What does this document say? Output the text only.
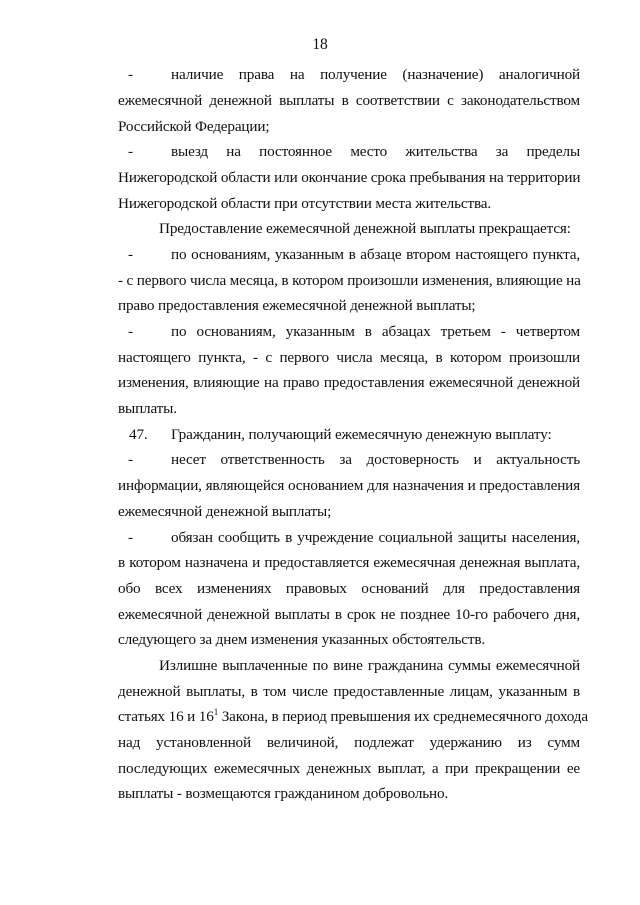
18
-	наличие права на получение (назначение) аналогичной
ежемесячной денежной выплаты в соответствии с законодательством
Российской Федерации;
-	выезд на постоянное место жительства за пределы
Нижегородской области или окончание срока пребывания на территории
Нижегородской области при отсутствии места жительства.
Предоставление ежемесячной денежной выплаты прекращается:
-	по основаниям, указанным в абзаце втором настоящего пункта,
- с первого числа месяца, в котором произошли изменения, влияющие на
право предоставления ежемесячной денежной выплаты;
-	по основаниям, указанным в абзацах третьем - четвертом
настоящего пункта, - с первого числа месяца, в котором произошли
изменения, влияющие на право предоставления ежемесячной денежной
выплаты.
47. Гражданин, получающий ежемесячную денежную выплату:
-	несет ответственность за достоверность и актуальность
информации, являющейся основанием для назначения и предоставления
ежемесячной денежной выплаты;
-	обязан сообщить в учреждение социальной защиты населения,
в котором назначена и предоставляется ежемесячная денежная выплата,
обо всех изменениях правовых оснований для предоставления
ежемесячной денежной выплаты в срок не позднее 10-го рабочего дня,
следующего за днем изменения указанных обстоятельств.
Излишне выплаченные по вине гражданина суммы ежемесячной
денежной выплаты, в том числе предоставленные лицам, указанным в
статьях 16 и $16^1$ Закона, в период превышения их среднемесячного дохода
над установленной величиной, подлежат удержанию из сумм
последующих ежемесячных денежных выплат, а при прекращении ее
выплаты - возмещаются гражданином добровольно.
